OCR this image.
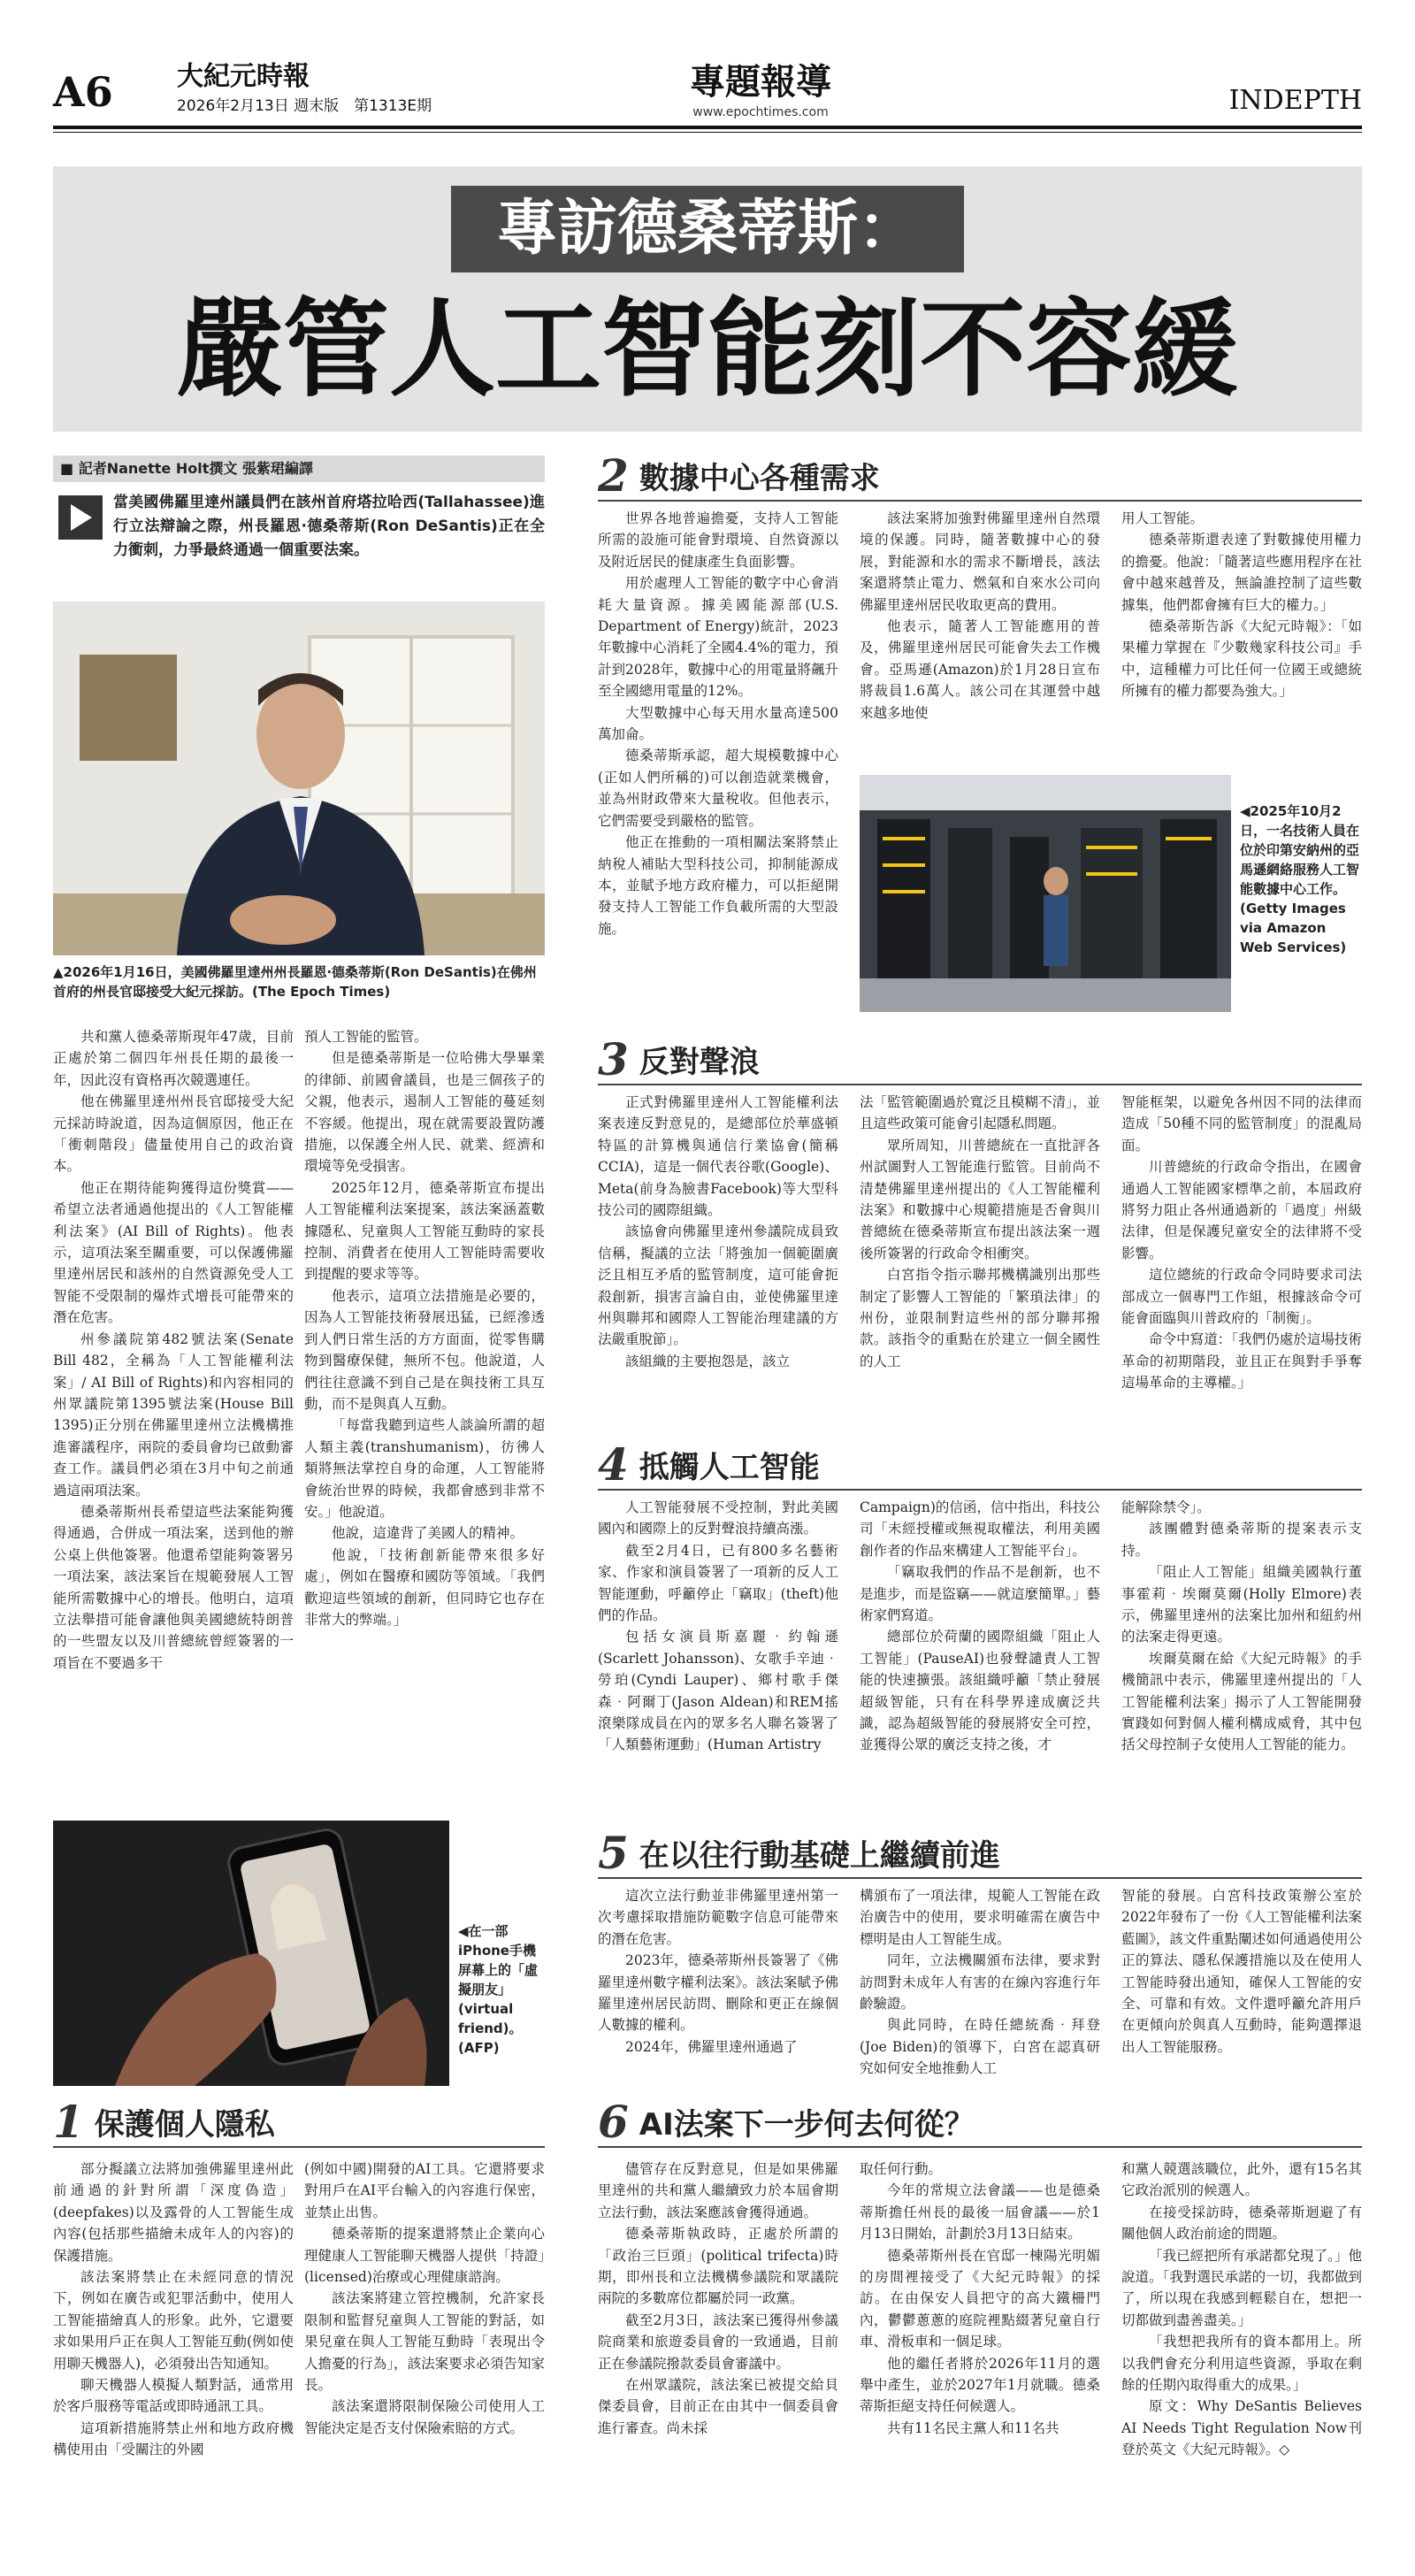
A6 大紀元時報
2026年2月13日 週末版　第1313E期
專題報導
www.epochtimes.com	INDEPTH
專訪德桑蒂斯：
嚴管人工智能刻不容緩
■ 記者Nanette Holt撰文 張紫珺編譯
當美國佛羅里達州議員們在該州首府塔拉哈西(Tallahassee)進行立法辯論之際，州長羅恩‧德桑蒂斯(Ron DeSantis)正在全力衝刺，力爭最終通過一個重要法案。
▲2026年1月16日，美國佛羅里達州州長羅恩‧德桑蒂斯(Ron DeSantis)在佛州首府的州長官邸接受大紀元採訪。(The Epoch Times)

共和黨人德桑蒂斯現年47歲，目前正處於第二個四年州長任期的最後一年，因此沒有資格再次競選連任。

他在佛羅里達州州長官邸接受大紀元採訪時說道，因為這個原因，他正在「衝刺階段」儘量使用自己的政治資本。

他正在期待能夠獲得這份獎賞——希望立法者通過他提出的《人工智能權利法案》(AI Bill of Rights)。他表示，這項法案至關重要，可以保護佛羅里達州居民和該州的自然資源免受人工智能不受限制的爆炸式增長可能帶來的潛在危害。

州參議院第482號法案(Senate Bill 482，全稱為「人工智能權利法案」/ AI Bill of Rights)和內容相同的州眾議院第1395號法案(House Bill 1395)正分別在佛羅里達州立法機構推進審議程序，兩院的委員會均已啟動審查工作。議員們必須在3月中旬之前通過這兩項法案。

德桑蒂斯州長希望這些法案能夠獲得通過，合併成一項法案，送到他的辦公桌上供他簽署。他還希望能夠簽署另一項法案，該法案旨在規範發展人工智能所需數據中心的增長。他明白，這項立法舉措可能會讓他與美國總統特朗普的一些盟友以及川普總統曾經簽署的一項旨在不要過多干

預人工智能的監管。

但是德桑蒂斯是一位哈佛大學畢業的律師、前國會議員，也是三個孩子的父親，他表示，遏制人工智能的蔓延刻不容緩。他提出，現在就需要設置防護措施，以保護全州人民、就業、經濟和環境等免受損害。

2025年12月，德桑蒂斯宣布提出人工智能權利法案提案，該法案涵蓋數據隱私、兒童與人工智能互動時的家長控制、消費者在使用人工智能時需要收到提醒的要求等等。

他表示，這項立法措施是必要的，因為人工智能技術發展迅猛，已經滲透到人們日常生活的方方面面，從零售購物到醫療保健，無所不包。他說道，人們往往意識不到自己是在與技術工具互動，而不是與真人互動。

「每當我聽到這些人談論所謂的超人類主義(transhumanism)，彷彿人類將無法掌控自身的命運，人工智能將會統治世界的時候，我都會感到非常不安。」他說道。

他說，這違背了美國人的精神。

他說，「技術創新能帶來很多好處」，例如在醫療和國防等領域。「我們歡迎這些領域的創新，但同時它也存在非常大的弊端。」

◀在一部iPhone手機屏幕上的「虛擬朋友」(virtual friend)。(AFP)
1 保護個人隱私

部分擬議立法將加強佛羅里達州此前通過的針對所謂「深度偽造」(deepfakes)以及露骨的人工智能生成內容(包括那些描繪未成年人的內容)的保護措施。

該法案將禁止在未經同意的情況下，例如在廣告或犯罪活動中，使用人工智能描繪真人的形象。此外，它還要求如果用戶正在與人工智能互動(例如使用聊天機器人)，必須發出告知通知。

聊天機器人模擬人類對話，通常用於客戶服務等電話或即時通訊工具。

這項新措施將禁止州和地方政府機構使用由「受關注的外國

(例如中國)開發的AI工具。它還將要求對用戶在AI平台輸入的內容進行保密，並禁止出售。

德桑蒂斯的提案還將禁止企業向心理健康人工智能聊天機器人提供「持證」(licensed)治療或心理健康諮詢。

該法案將建立管控機制，允許家長限制和監督兒童與人工智能的對話，如果兒童在與人工智能互動時「表現出令人擔憂的行為」，該法案要求必須告知家長。

該法案還將限制保險公司使用人工智能決定是否支付保險索賠的方式。

2 數據中心各種需求

世界各地普遍擔憂，支持人工智能所需的設施可能會對環境、自然資源以及附近居民的健康產生負面影響。

用於處理人工智能的數字中心會消耗大量資源。據美國能源部(U.S. Department of Energy)統計，2023年數據中心消耗了全國4.4%的電力，預計到2028年，數據中心的用電量將飆升至全國總用電量的12%。

大型數據中心每天用水量高達500萬加侖。

德桑蒂斯承認，超大規模數據中心(正如人們所稱的)可以創造就業機會，並為州財政帶來大量稅收。但他表示，它們需要受到嚴格的監管。

他正在推動的一項相關法案將禁止納稅人補貼大型科技公司，抑制能源成本，並賦予地方政府權力，可以拒絕開發支持人工智能工作負載所需的大型設施。

該法案將加強對佛羅里達州自然環境的保護。同時，隨著數據中心的發展，對能源和水的需求不斷增長，該法案還將禁止電力、燃氣和自來水公司向佛羅里達州居民收取更高的費用。

他表示，隨著人工智能應用的普及，佛羅里達州居民可能會失去工作機會。亞馬遜(Amazon)於1月28日宣布將裁員1.6萬人。該公司在其運營中越來越多地使

用人工智能。

德桑蒂斯還表達了對數據使用權力的擔憂。他說：「隨著這些應用程序在社會中越來越普及，無論誰控制了這些數據集，他們都會擁有巨大的權力。」

德桑蒂斯告訴《大紀元時報》：「如果權力掌握在『少數幾家科技公司』手中，這種權力可比任何一位國王或總統所擁有的權力都要為強大。」

◀2025年10月2日，一名技術人員在位於印第安納州的亞馬遜網絡服務人工智能數據中心工作。(Getty Images via Amazon Web Services)
3 反對聲浪

正式對佛羅里達州人工智能權利法案表達反對意見的，是總部位於華盛頓特區的計算機與通信行業協會(簡稱CCIA)，這是一個代表谷歌(Google)、Meta(前身為臉書Facebook)等大型科技公司的國際組織。

該協會向佛羅里達州參議院成員致信稱，擬議的立法「將強加一個範圍廣泛且相互矛盾的監管制度，這可能會扼殺創新，損害言論自由，並使佛羅里達州與聯邦和國際人工智能治理建議的方法嚴重脫節」。

該組織的主要抱怨是，該立

法「監管範圍過於寬泛且模糊不清」，並且這些政策可能會引起隱私問題。

眾所周知，川普總統在一直批評各州試圖對人工智能進行監管。目前尚不清楚佛羅里達州提出的《人工智能權利法案》和數據中心規範措施是否會與川普總統在德桑蒂斯宣布提出該法案一週後所簽署的行政命令相衝突。

白宮指令指示聯邦機構識別出那些制定了影響人工智能的「繁瑣法律」的州份，並限制對這些州的部分聯邦撥款。該指令的重點在於建立一個全國性的人工

智能框架，以避免各州因不同的法律而造成「50種不同的監管制度」的混亂局面。

川普總統的行政命令指出，在國會通過人工智能國家標準之前，本屆政府將努力阻止各州通過新的「過度」州級法律，但是保護兒童安全的法律將不受影響。

這位總統的行政命令同時要求司法部成立一個專門工作組，根據該命令可能會面臨與川普政府的「制衡」。

命令中寫道：「我們仍處於這場技術革命的初期階段，並且正在與對手爭奪這場革命的主導權。」

4 抵觸人工智能

人工智能發展不受控制，對此美國國內和國際上的反對聲浪持續高漲。

截至2月4日，已有800多名藝術家、作家和演員簽署了一項新的反人工智能運動，呼籲停止「竊取」(theft)他們的作品。

包括女演員斯嘉麗‧約翰遜(Scarlett Johansson)、女歌手辛迪‧勞珀(Cyndi Lauper)、鄉村歌手傑森‧阿爾丁(Jason Aldean)和REM搖滾樂隊成員在內的眾多名人聯名簽署了「人類藝術運動」(Human Artistry

Campaign)的信函，信中指出，科技公司「未經授權或無視取權法，利用美國創作者的作品來構建人工智能平台」。

「竊取我們的作品不是創新，也不是進步，而是盜竊——就這麼簡單。」藝術家們寫道。

總部位於荷蘭的國際組織「阻止人工智能」(PauseAI)也發聲譴責人工智能的快速擴張。該組織呼籲「禁止發展超級智能，只有在科學界達成廣泛共識，認為超級智能的發展將安全可控，並獲得公眾的廣泛支持之後，才

能解除禁令」。

該團體對德桑蒂斯的提案表示支持。

「阻止人工智能」組織美國執行董事霍莉‧埃爾莫爾(Holly Elmore)表示，佛羅里達州的法案比加州和紐約州的法案走得更遠。

埃爾莫爾在給《大紀元時報》的手機簡訊中表示，佛羅里達州提出的「人工智能權利法案」揭示了人工智能開發實踐如何對個人權利構成威脅，其中包括父母控制子女使用人工智能的能力。

5 在以往行動基礎上繼續前進

這次立法行動並非佛羅里達州第一次考慮採取措施防範數字信息可能帶來的潛在危害。

2023年，德桑蒂斯州長簽署了《佛羅里達州數字權利法案》。該法案賦予佛羅里達州居民訪問、刪除和更正在線個人數據的權利。

2024年，佛羅里達州通過了

構頒布了一項法律，規範人工智能在政治廣告中的使用，要求明確需在廣告中標明是由人工智能生成。

同年，立法機關頒布法律，要求對訪問對未成年人有害的在線內容進行年齡驗證。

與此同時，在時任總統喬‧拜登(Joe Biden)的領導下，白宮在認真研究如何安全地推動人工

智能的發展。白宮科技政策辦公室於2022年發布了一份《人工智能權利法案藍圖》，該文件重點闡述如何通過使用公正的算法、隱私保護措施以及在使用人工智能時發出通知，確保人工智能的安全、可靠和有效。文件還呼籲允許用戶在更傾向於與真人互動時，能夠選擇退出人工智能服務。

6 AI法案下一步何去何從？

儘管存在反對意見，但是如果佛羅里達州的共和黨人繼續致力於本屆會期立法行動，該法案應該會獲得通過。

德桑蒂斯執政時，正處於所謂的「政治三巨頭」(political trifecta)時期，即州長和立法機構參議院和眾議院兩院的多數席位都屬於同一政黨。

截至2月3日，該法案已獲得州參議院商業和旅遊委員會的一致通過，目前正在參議院撥款委員會審議中。

在州眾議院，該法案已被提交給貝傑委員會，目前正在由其中一個委員會進行審查。尚未採

取任何行動。

今年的常規立法會議——也是德桑蒂斯擔任州長的最後一屆會議——於1月13日開始，計劃於3月13日結束。

德桑蒂斯州長在官邸一棟陽光明媚的房間裡接受了《大紀元時報》的採訪。在由保安人員把守的高大鐵柵門內，鬱鬱蔥蔥的庭院裡點綴著兒童自行車、滑板車和一個足球。

他的繼任者將於2026年11月的選舉中產生，並於2027年1月就職。德桑蒂斯拒絕支持任何候選人。

共有11名民主黨人和11名共

和黨人競選該職位，此外，還有15名其它政治派別的候選人。

在接受採訪時，德桑蒂斯迴避了有關他個人政治前途的問題。

「我已經把所有承諾都兌現了。」他說道。「我對選民承諾的一切，我都做到了，所以現在我感到輕鬆自在，想把一切都做到盡善盡美。」

「我想把我所有的資本都用上。所以我們會充分利用這些資源，爭取在剩餘的任期內取得重大的成果。」

原文：Why DeSantis Believes AI Needs Tight Regulation Now刊登於英文《大紀元時報》。◇
